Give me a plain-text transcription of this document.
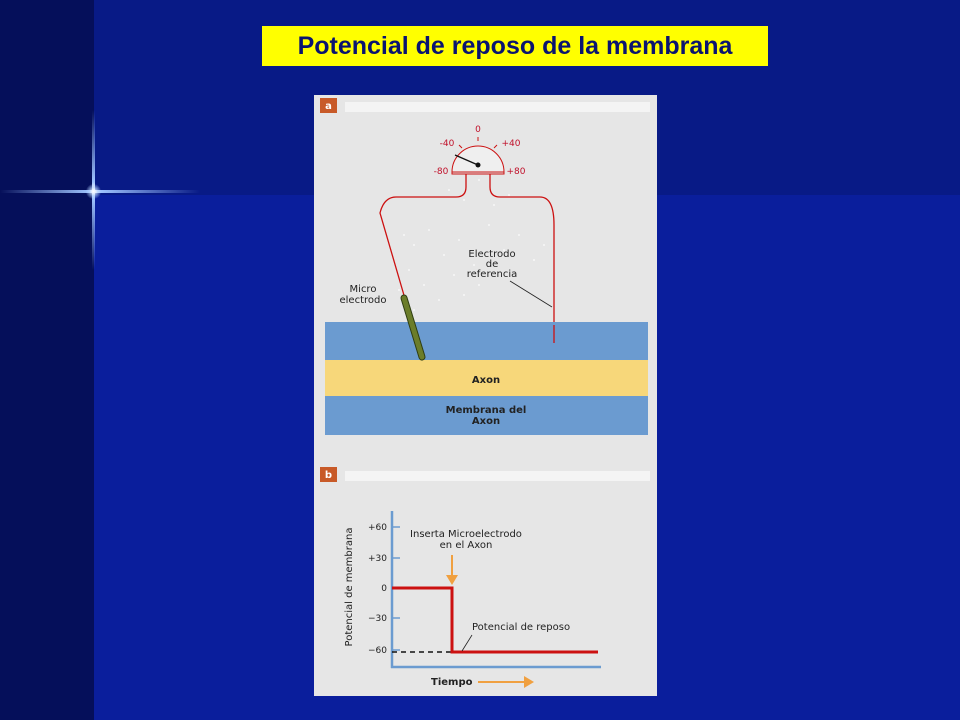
Potencial de reposo de la membrana
a
-40
0
+40
-80	+80
Electrodo
de
referencia
Micro
electrodo
Axon
Membrana del
Axon
b
+60
+30
0
−30
−60
Potencial de membrana	Inserta Microelectrodo
en el Axon
Potencial de reposo
Tiempo
